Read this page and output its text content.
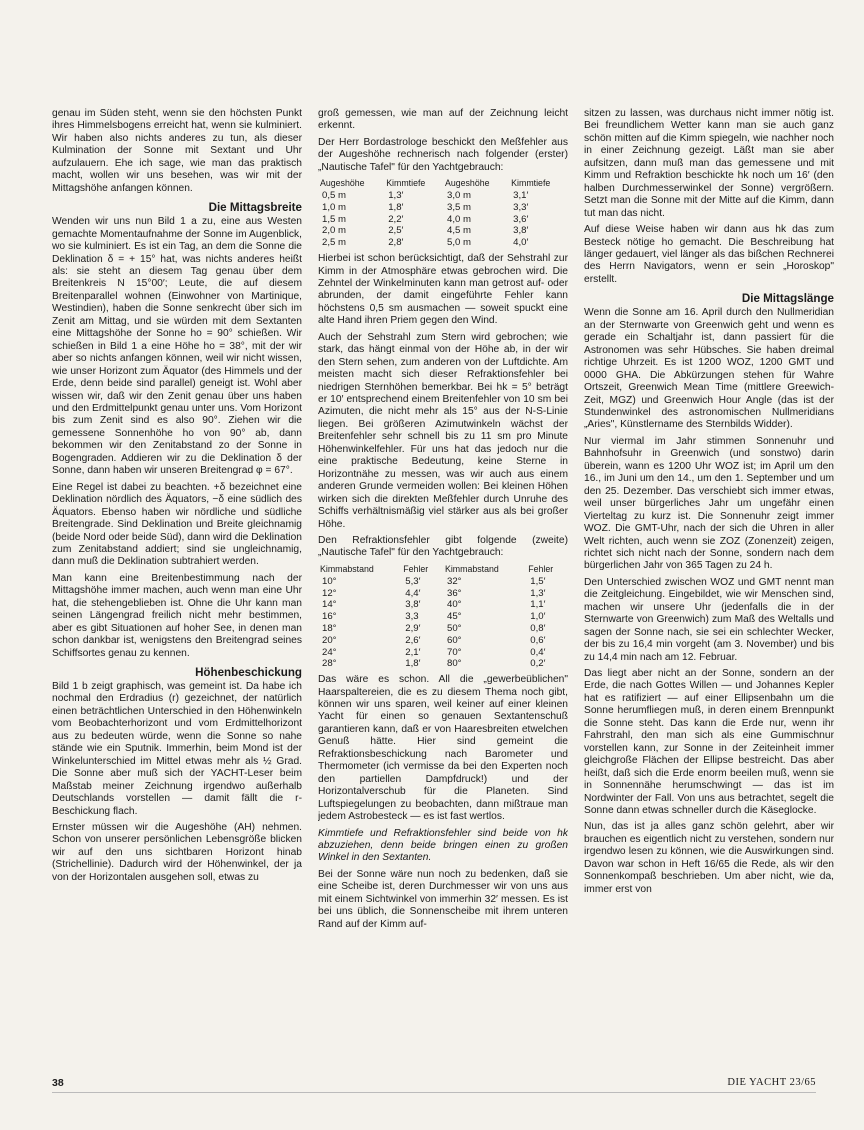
genau im Süden steht, wenn sie den höchsten Punkt ihres Himmelsbogens erreicht hat, wenn sie kulminiert. Wir haben also nichts anderes zu tun, als dieser Kulmination der Sonne mit Sextant und Uhr aufzulauern. Ehe ich sage, wie man das praktisch macht, wollen wir uns besehen, was wir mit der Mittagshöhe anfangen können.

Die Mittagsbreite

Wenden wir uns nun Bild 1 a zu, eine aus Westen gemachte Momentaufnahme der Sonne im Augenblick, wo sie kulminiert. Es ist ein Tag, an dem die Sonne die Deklination δ = + 15° hat, was nichts anderes heißt als: sie steht an diesem Tag genau über dem Breitenkreis N 15°00′; Leute, die auf diesem Breitenparallel wohnen (Einwohner von Martinique, Westindien), haben die Sonne senkrecht über sich im Zenit am Mittag, und sie würden mit dem Sextanten eine Mittagshöhe der Sonne ho = 90° schießen. Wir schießen in Bild 1 a eine Höhe ho = 38°, mit der wir aber so nichts anfangen können, weil wir nicht wissen, wie unser Horizont zum Äquator (des Himmels und der Erde, denn beide sind parallel) geneigt ist. Wohl aber wissen wir, daß wir den Zenit genau über uns haben und den Erdmittelpunkt genau unter uns. Vom Horizont bis zum Zenit sind es also 90°. Ziehen wir die gemessene Sonnenhöhe ho von 90° ab, dann bekommen wir den Zenitabstand zo der Sonne in Bogengraden. Addieren wir zu die Deklination δ der Sonne, dann haben wir unseren Breitengrad φ = 67°.

Eine Regel ist dabei zu beachten. +δ bezeichnet eine Deklination nördlich des Äquators, −δ eine südlich des Äquators. Ebenso haben wir nördliche und südliche Breitengrade. Sind Deklination und Breite gleichnamig (beide Nord oder beide Süd), dann wird die Deklination zum Zenitabstand addiert; sind sie ungleichnamig, dann muß die Deklination subtrahiert werden.

Man kann eine Breitenbestimmung nach der Mittagshöhe immer machen, auch wenn man eine Uhr hat, die stehengeblieben ist. Ohne die Uhr kann man seinen Längengrad freilich nicht mehr bestimmen, aber es gibt Situationen auf hoher See, in denen man schon dankbar ist, wenigstens den Breitengrad seines Schiffsortes genau zu kennen.

Höhenbeschickung

Bild 1 b zeigt graphisch, was gemeint ist. Da habe ich nochmal den Erdradius (r) gezeichnet, der natürlich einen beträchtlichen Unterschied in den Höhenwinkeln vom Beobachterhorizont und vom Erdmittelhorizont aus zu bedeuten würde, wenn die Sonne so nahe stände wie ein Sputnik. Immerhin, beim Mond ist der Winkelunterschied im Mittel etwas mehr als ½ Grad. Die Sonne aber muß sich der YACHT-Leser beim Maßstab meiner Zeichnung irgendwo außerhalb Deutschlands vorstellen — damit fällt die r-Beschickung flach.

Ernster müssen wir die Augeshöhe (AH) nehmen. Schon von unserer persönlichen Lebensgröße blicken wir auf den uns sichtbaren Horizont hinab (Strichellinie). Dadurch wird der Höhenwinkel, der ja von der Horizontalen ausgehen soll, etwas zu

groß gemessen, wie man auf der Zeichnung leicht erkennt.

Der Herr Bordastrologe beschickt den Meßfehler aus der Augeshöhe rechnerisch nach folgender (erster) „Nautische Tafel" für den Yachtgebrauch:

Augeshöhe	Kimmtiefe	Augeshöhe	Kimmtiefe
0,5 m	1,3′	3,0 m	3,1′
1,0 m	1,8′	3,5 m	3,3′
1,5 m	2,2′	4,0 m	3,6′
2,0 m	2,5′	4,5 m	3,8′
2,5 m	2,8′	5,0 m	4,0′

Hierbei ist schon berücksichtigt, daß der Sehstrahl zur Kimm in der Atmosphäre etwas gebrochen wird. Die Zehntel der Winkelminuten kann man getrost auf- oder abrunden, der damit eingeführte Fehler kann höchstens 0,5 sm ausmachen — soweit spuckt eine alte Hand ihren Priem gegen den Wind.

Auch der Sehstrahl zum Stern wird gebrochen; wie stark, das hängt einmal von der Höhe ab, in der wir den Stern sehen, zum anderen von der Luftdichte. Am meisten macht sich dieser Refraktionsfehler bei niedrigen Sternhöhen bemerkbar. Bei hk = 5° beträgt er 10′ entsprechend einem Breitenfehler von 10 sm bei Azimuten, die nicht mehr als 15° aus der N-S-Linie liegen. Bei größeren Azimutwinkeln wächst der Breitenfehler sehr schnell bis zu 11 sm pro Minute Höhenwinkelfehler. Für uns hat das jedoch nur die eine praktische Bedeutung, keine Sterne in Horizontnähe zu messen, was wir auch aus einem anderen Grunde vermeiden wollen: Bei kleinen Höhen wirken sich die direkten Meßfehler durch Unruhe des Schiffs verhältnismäßig viel stärker aus als bei großer Höhe.

Den Refraktionsfehler gibt folgende (zweite) „Nautische Tafel" für den Yachtgebrauch:

Kimmabstand	Fehler	Kimmabstand	Fehler
10°	5,3′	32°	1,5′
12°	4,4′	36°	1,3′
14°	3,8′	40°	1,1′
16°	3,3	45°	1,0′
18°	2,9′	50°	0,8′
20°	2,6′	60°	0,6′
24°	2,1′	70°	0,4′
28°	1,8′	80°	0,2′

Das wäre es schon. All die „gewerbeüblichen" Haarspaltereien, die es zu diesem Thema noch gibt, können wir uns sparen, weil keiner auf einer kleinen Yacht für einen so genauen Sextantenschuß garantieren kann, daß er von Haaresbreiten etwelchen Genuß hätte. Hier sind gemeint die Refraktionsbeschickung nach Barometer und Thermometer (ich vermisse da bei den Experten noch den partiellen Dampfdruck!) und der Horizontalverschub für die Planeten. Sind Luftspiegelungen zu beobachten, dann mißtraue man jedem Astrobesteck — es ist fast wertlos.

Kimmtiefe und Refraktionsfehler sind beide von hk abzuziehen, denn beide bringen einen zu großen Winkel in den Sextanten.

Bei der Sonne wäre nun noch zu bedenken, daß sie eine Scheibe ist, deren Durchmesser wir von uns aus mit einem Sichtwinkel von immerhin 32′ messen. Es ist bei uns üblich, die Sonnenscheibe mit ihrem unteren Rand auf der Kimm auf-

sitzen zu lassen, was durchaus nicht immer nötig ist. Bei freundlichem Wetter kann man sie auch ganz schön mitten auf die Kimm spiegeln, wie nachher noch in einer Zeichnung gezeigt. Läßt man sie aber aufsitzen, dann muß man das gemessene und mit Kimm und Refraktion beschickte hk noch um 16′ (den halben Durchmesserwinkel der Sonne) vergrößern. Setzt man die Sonne mit der Mitte auf die Kimm, dann tut man das nicht.

Auf diese Weise haben wir dann aus hk das zum Besteck nötige ho gemacht. Die Beschreibung hat länger gedauert, viel länger als das bißchen Rechnerei des Herrn Navigators, wenn er sein „Horoskop" erstellt.

Die Mittagslänge

Wenn die Sonne am 16. April durch den Nullmeridian an der Sternwarte von Greenwich geht und wenn es gerade ein Schaltjahr ist, dann passiert für die Astronomen was sehr Hübsches. Sie haben dreimal richtige Uhrzeit. Es ist 1200 WOZ, 1200 GMT und 0000 GHA. Die Abkürzungen stehen für Wahre Ortszeit, Greenwich Mean Time (mittlere Greewich-Zeit, MGZ) und Greenwich Hour Angle (das ist der Stundenwinkel des astronomischen Nullmeridians „Aries", Künstlername des Sternbilds Widder).

Nur viermal im Jahr stimmen Sonnenuhr und Bahnhofsuhr in Greenwich (und sonstwo) darin überein, wann es 1200 Uhr WOZ ist; im April um den 16., im Juni um den 14., um den 1. September und um den 25. Dezember. Das verschiebt sich immer etwas, weil unser bürgerliches Jahr um ungefähr einen Vierteltag zu kurz ist. Die Sonnenuhr zeigt immer WOZ. Die GMT-Uhr, nach der sich die Uhren in aller Welt richten, auch wenn sie ZOZ (Zonenzeit) zeigen, richtet sich nicht nach der Sonne, sondern nach dem bürgerlichen Jahr von 365 Tagen zu 24 h.

Den Unterschied zwischen WOZ und GMT nennt man die Zeitgleichung. Eingebildet, wie wir Menschen sind, machen wir unsere Uhr (jedenfalls die in der Sternwarte von Greenwich) zum Maß des Weltalls und sagen der Sonne nach, sie sei ein schlechter Wecker, der bis zu 16,4 min vorgeht (am 3. November) und bis zu 14,4 min nach am 12. Februar.

Das liegt aber nicht an der Sonne, sondern an der Erde, die nach Gottes Willen — und Johannes Kepler hat es ratifiziert — auf einer Ellipsenbahn um die Sonne herumfliegen muß, in deren einem Brennpunkt die Sonne steht. Das kann die Erde nur, wenn ihr Fahrstrahl, den man sich als eine Gummischnur vorstellen kann, zur Sonne in der Zeiteinheit immer gleichgroße Flächen der Ellipse bestreicht. Das aber heißt, daß sich die Erde enorm beeilen muß, wenn sie in Sonnennähe herumschwingt — das ist im Nordwinter der Fall. Von uns aus betrachtet, segelt die Sonne dann etwas schneller durch die Käseglocke.

Nun, das ist ja alles ganz schön gelehrt, aber wir brauchen es eigentlich nicht zu verstehen, sondern nur irgendwo lesen zu können, wie die Auswirkungen sind. Davon war schon in Heft 16/65 die Rede, als wir den Sonnenkompaß beschrieben. Um aber nicht, wie da, immer erst von

38	DIE YACHT 23/65
